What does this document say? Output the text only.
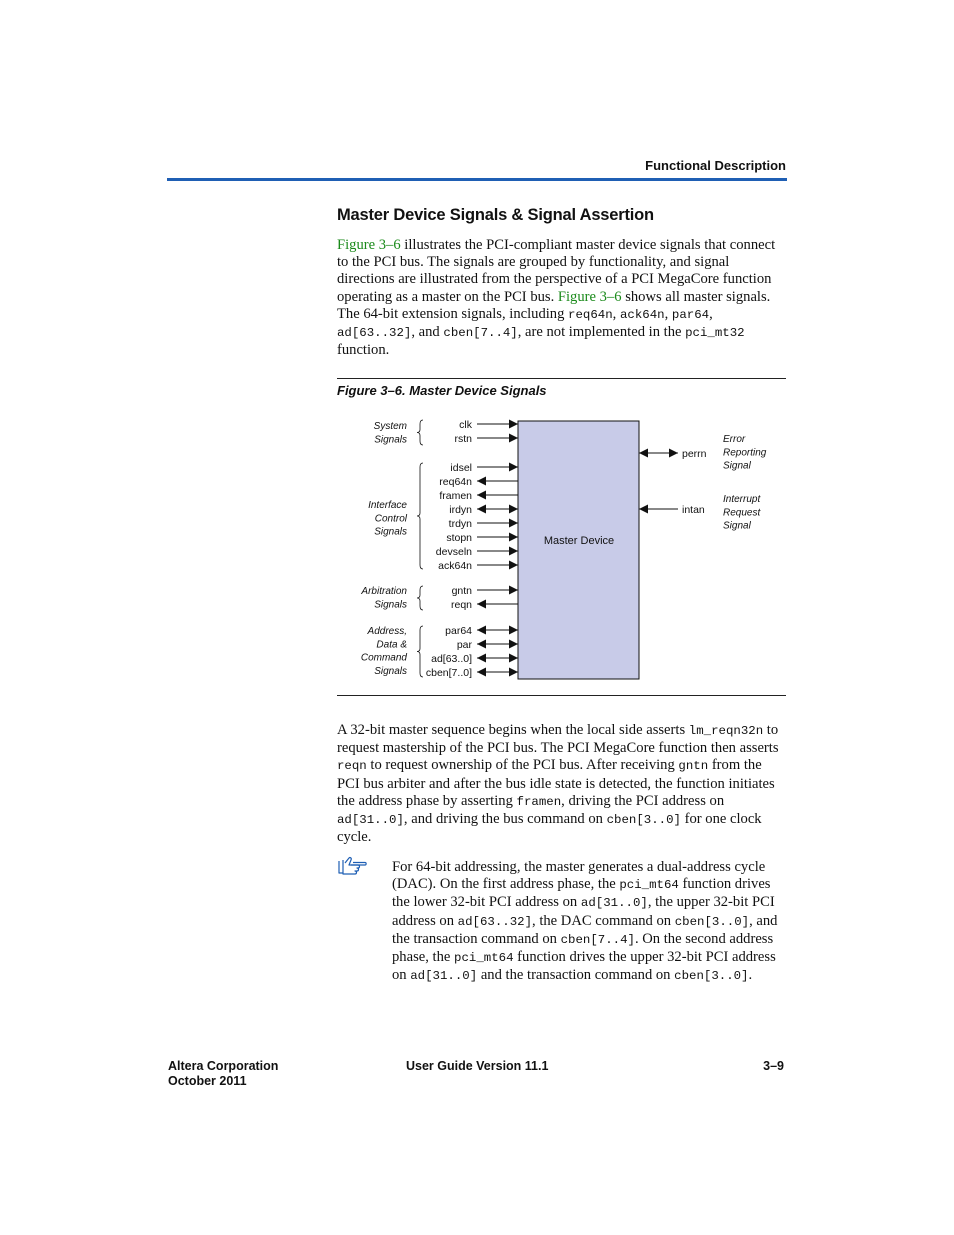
Functional Description
Master Device Signals & Signal Assertion
Figure 3–6 illustrates the PCI-compliant master device signals that connect to the PCI bus. The signals are grouped by functionality, and signal directions are illustrated from the perspective of a PCI MegaCore function operating as a master on the PCI bus. Figure 3–6 shows all master signals. The 64-bit extension signals, including req64n, ack64n, par64, ad[63..32], and cben[7..4], are not implemented in the pci_mt32 function.
Figure 3–6. Master Device Signals
Master Device
clk
rstn
idsel
req64n
framen
irdyn
trdyn
stopn
devseln
ack64n
gntn
reqn
par64
par
ad[63..0]
cben[7..0]
System
Signals
Interface
Control
Signals
Arbitration
Signals
Address,
Data &
Command
Signals
perrn
intan
Error
Reporting
Signal
Interrupt
Request
Signal
A 32-bit master sequence begins when the local side asserts lm_reqn32n to request mastership of the PCI bus. The PCI MegaCore function then asserts reqn to request ownership of the PCI bus. After receiving gntn from the PCI bus arbiter and after the bus idle state is detected, the function initiates the address phase by asserting framen, driving the PCI address on ad[31..0], and driving the bus command on cben[3..0] for one clock cycle.
For 64-bit addressing, the master generates a dual-address cycle (DAC). On the first address phase, the pci_mt64 function drives the lower 32-bit PCI address on ad[31..0], the upper 32-bit PCI address on ad[63..32], the DAC command on cben[3..0], and the transaction command on cben[7..4]. On the second address phase, the pci_mt64 function drives the upper 32-bit PCI address on ad[31..0] and the transaction command on cben[3..0].
Altera Corporation
October 2011
User Guide Version 11.1	3–9
